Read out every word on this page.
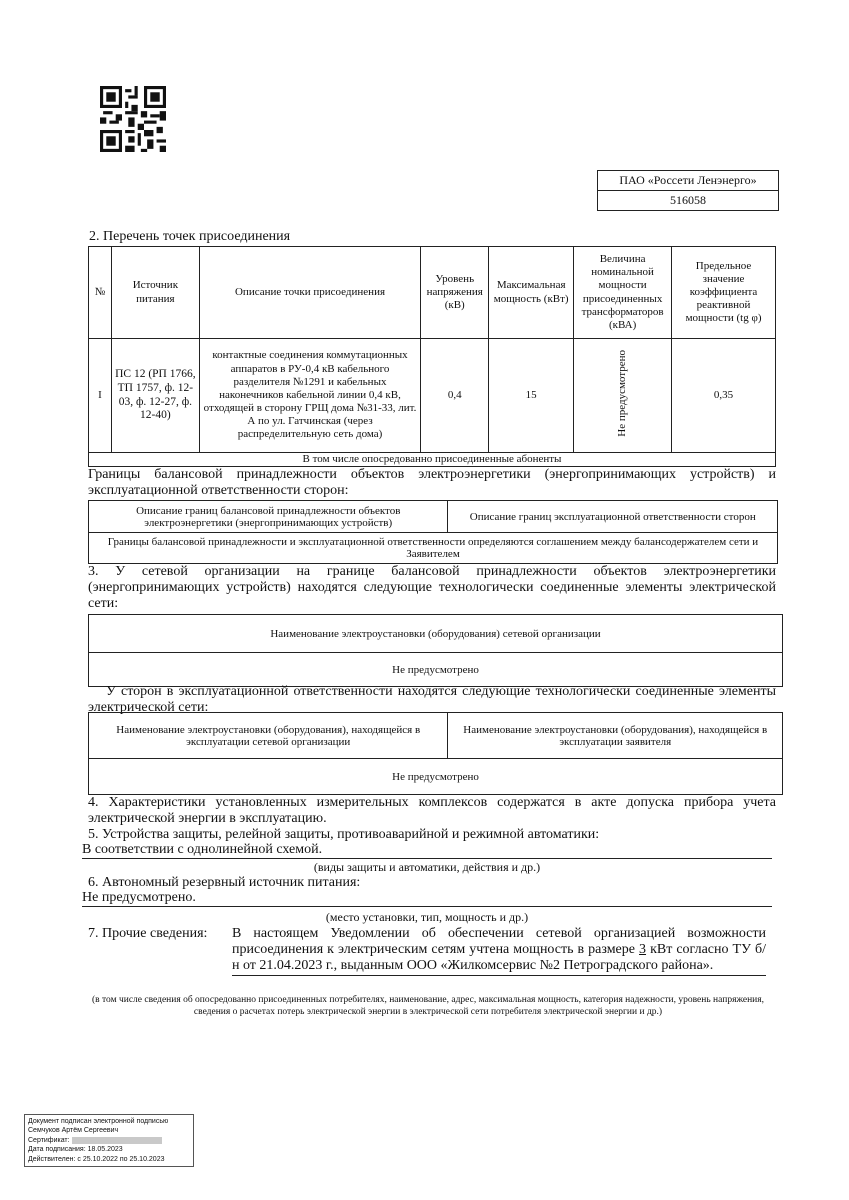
ПАО «Россети Ленэнерго»
516058
2. Перечень точек присоединения
№	Источник питания	Описание точки присоединения	Уровень напряжения (кВ)	Максимальная мощность (кВт)	Величина номинальной мощности присоединенных трансформаторов (кВА)	Предельное значение коэффициента реактивной мощности (tg φ)
I	ПС 12 (РП 1766, ТП 1757, ф. 12-03, ф. 12-27, ф. 12-40)	контактные соединения коммутационных аппаратов в РУ-0,4 кВ кабельного разделителя №1291 и кабельных наконечников кабельной линии 0,4 кВ, отходящей в сторону ГРЩ дома №31-33, лит. А по ул. Гатчинская (через распределительную сеть дома)	0,4	15	Не предусмотрено	0,35
В том числе опосредованно присоединенные абоненты						
Границы балансовой принадлежности объектов электроэнергетики (энергопринимающих устройств) и эксплуатационной ответственности сторон:
Описание границ балансовой принадлежности объектов электроэнергетики (энергопринимающих устройств)	Описание границ эксплуатационной ответственности сторон
Границы балансовой принадлежности и эксплуатационной ответственности определяются соглашением между балансодержателем сети и Заявителем
3. У сетевой организации на границе балансовой принадлежности объектов электроэнергетики (энергопринимающих устройств) находятся следующие технологически соединенные элементы электрической сети:
Наименование электроустановки (оборудования) сетевой организации
Не предусмотрено
У сторон в эксплуатационной ответственности находятся следующие технологически соединенные элементы электрической сети:
Наименование электроустановки (оборудования), находящейся в эксплуатации сетевой организации	Наименование электроустановки (оборудования), находящейся в эксплуатации заявителя
Не предусмотрено
4. Характеристики установленных измерительных комплексов содержатся в акте допуска прибора учета электрической энергии в эксплуатацию.
5. Устройства защиты, релейной защиты, противоаварийной и режимной автоматики:
В соответствии с однолинейной схемой.
(виды защиты и автоматики, действия и др.)
6. Автономный резервный источник питания:
Не предусмотрено.
(место установки, тип, мощность и др.)
7. Прочие сведения: В настоящем Уведомлении об обеспечении сетевой организацией возможности присоединения к электрическим сетям учтена мощность в размере 3 кВт согласно ТУ б/н от 21.04.2023 г., выданным ООО «Жилкомсервис №2 Петроградского района».
(в том числе сведения об опосредованно присоединенных потребителях, наименование, адрес, максимальная мощность, категория надежности, уровень напряжения, сведения о расчетах потерь электрической энергии в электрической сети потребителя электрической энергии и др.)
Документ подписан электронной подписью
Семчуков Артём Сергеевич
Сертификат:
Дата подписания: 18.05.2023
Действителен: с 25.10.2022 по 25.10.2023
